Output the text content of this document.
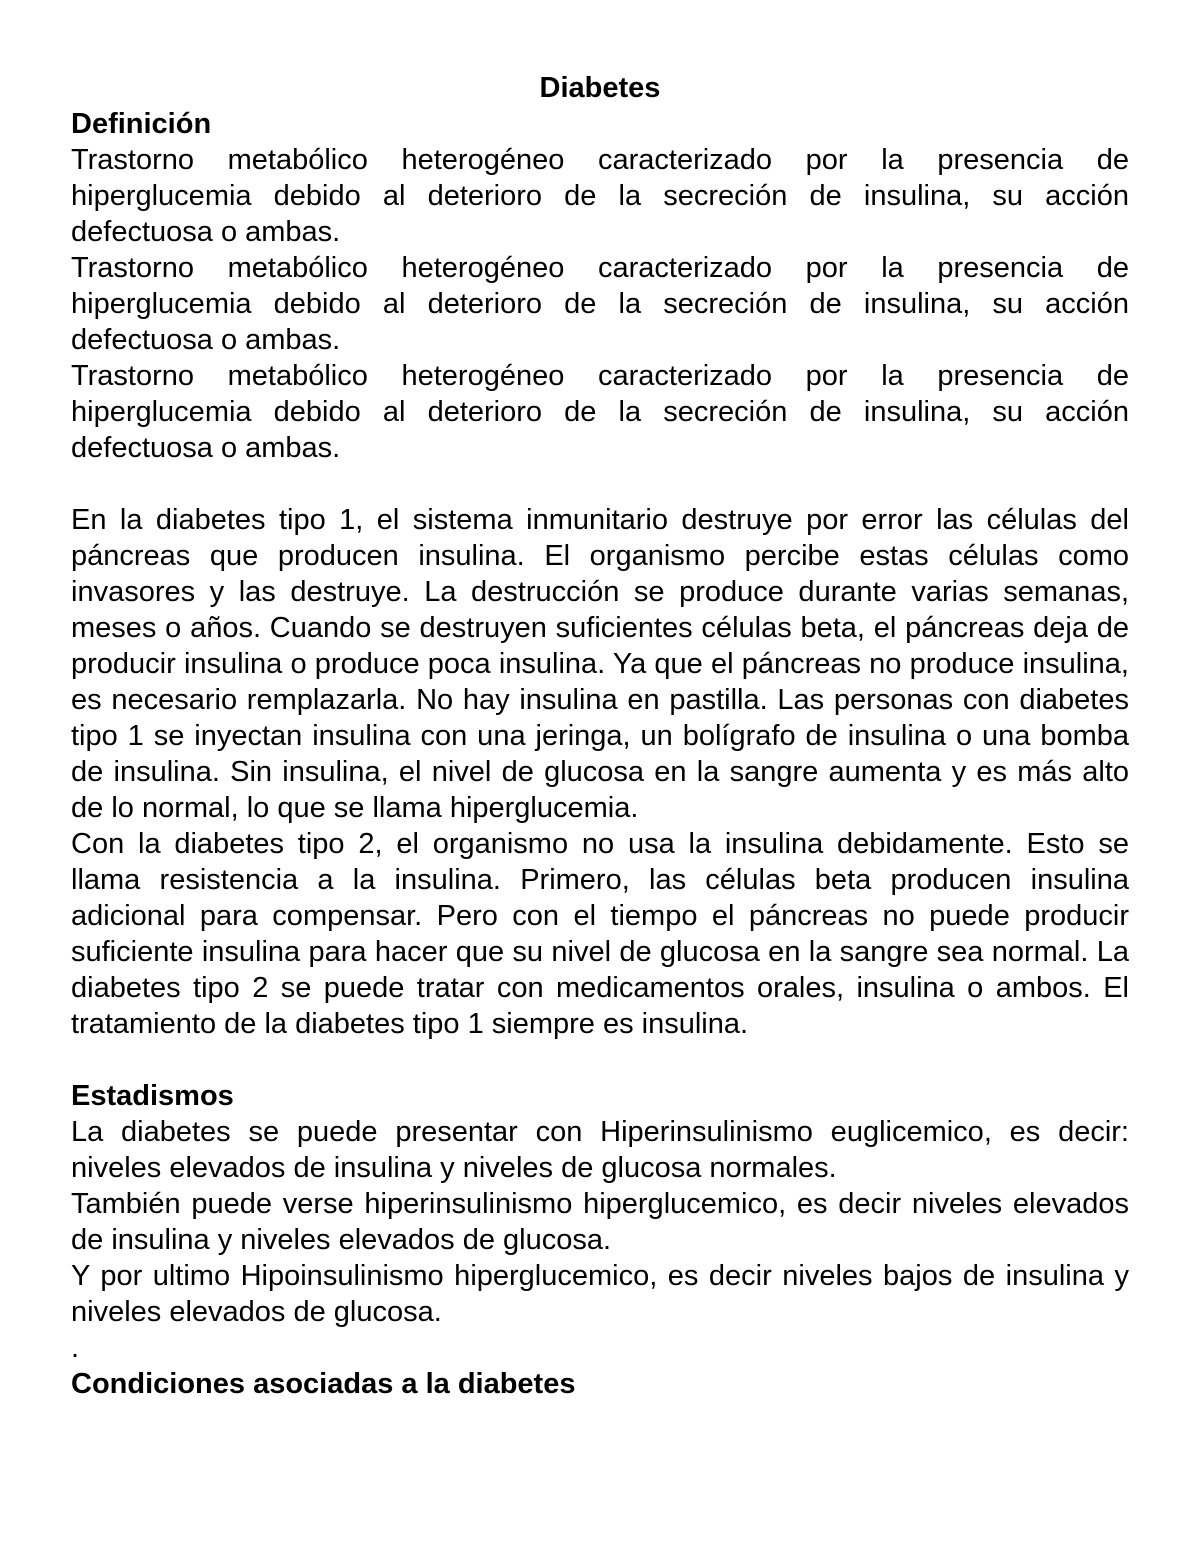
Diabetes
Definición

Trastorno metabólico heterogéneo caracterizado por la presencia de hiperglucemia debido al deterioro de la secreción de insulina, su acción defectuosa o ambas.

Trastorno metabólico heterogéneo caracterizado por la presencia de hiperglucemia debido al deterioro de la secreción de insulina, su acción defectuosa o ambas.

Trastorno metabólico heterogéneo caracterizado por la presencia de hiperglucemia debido al deterioro de la secreción de insulina, su acción defectuosa o ambas.

En la diabetes tipo 1, el sistema inmunitario destruye por error las células del páncreas que producen insulina. El organismo percibe estas células como invasores y las destruye. La destrucción se produce durante varias semanas, meses o años. Cuando se destruyen suficientes células beta, el páncreas deja de producir insulina o produce poca insulina. Ya que el páncreas no produce insulina, es necesario remplazarla. No hay insulina en pastilla. Las personas con diabetes tipo 1 se inyectan insulina con una jeringa, un bolígrafo de insulina o una bomba de insulina. Sin insulina, el nivel de glucosa en la sangre aumenta y es más alto de lo normal, lo que se llama hiperglucemia.

Con la diabetes tipo 2, el organismo no usa la insulina debidamente. Esto se llama resistencia a la insulina. Primero, las células beta producen insulina adicional para compensar. Pero con el tiempo el páncreas no puede producir suficiente insulina para hacer que su nivel de glucosa en la sangre sea normal. La diabetes tipo 2 se puede tratar con medicamentos orales, insulina o ambos. El tratamiento de la diabetes tipo 1 siempre es insulina.

Estadismos

La diabetes se puede presentar con Hiperinsulinismo euglicemico, es decir: niveles elevados de insulina y niveles de glucosa normales.

También puede verse hiperinsulinismo hiperglucemico, es decir niveles elevados de insulina y niveles elevados de glucosa.

Y por ultimo Hipoinsulinismo hiperglucemico, es decir niveles bajos de insulina y niveles elevados de glucosa.

.
Condiciones asociadas a la diabetes
